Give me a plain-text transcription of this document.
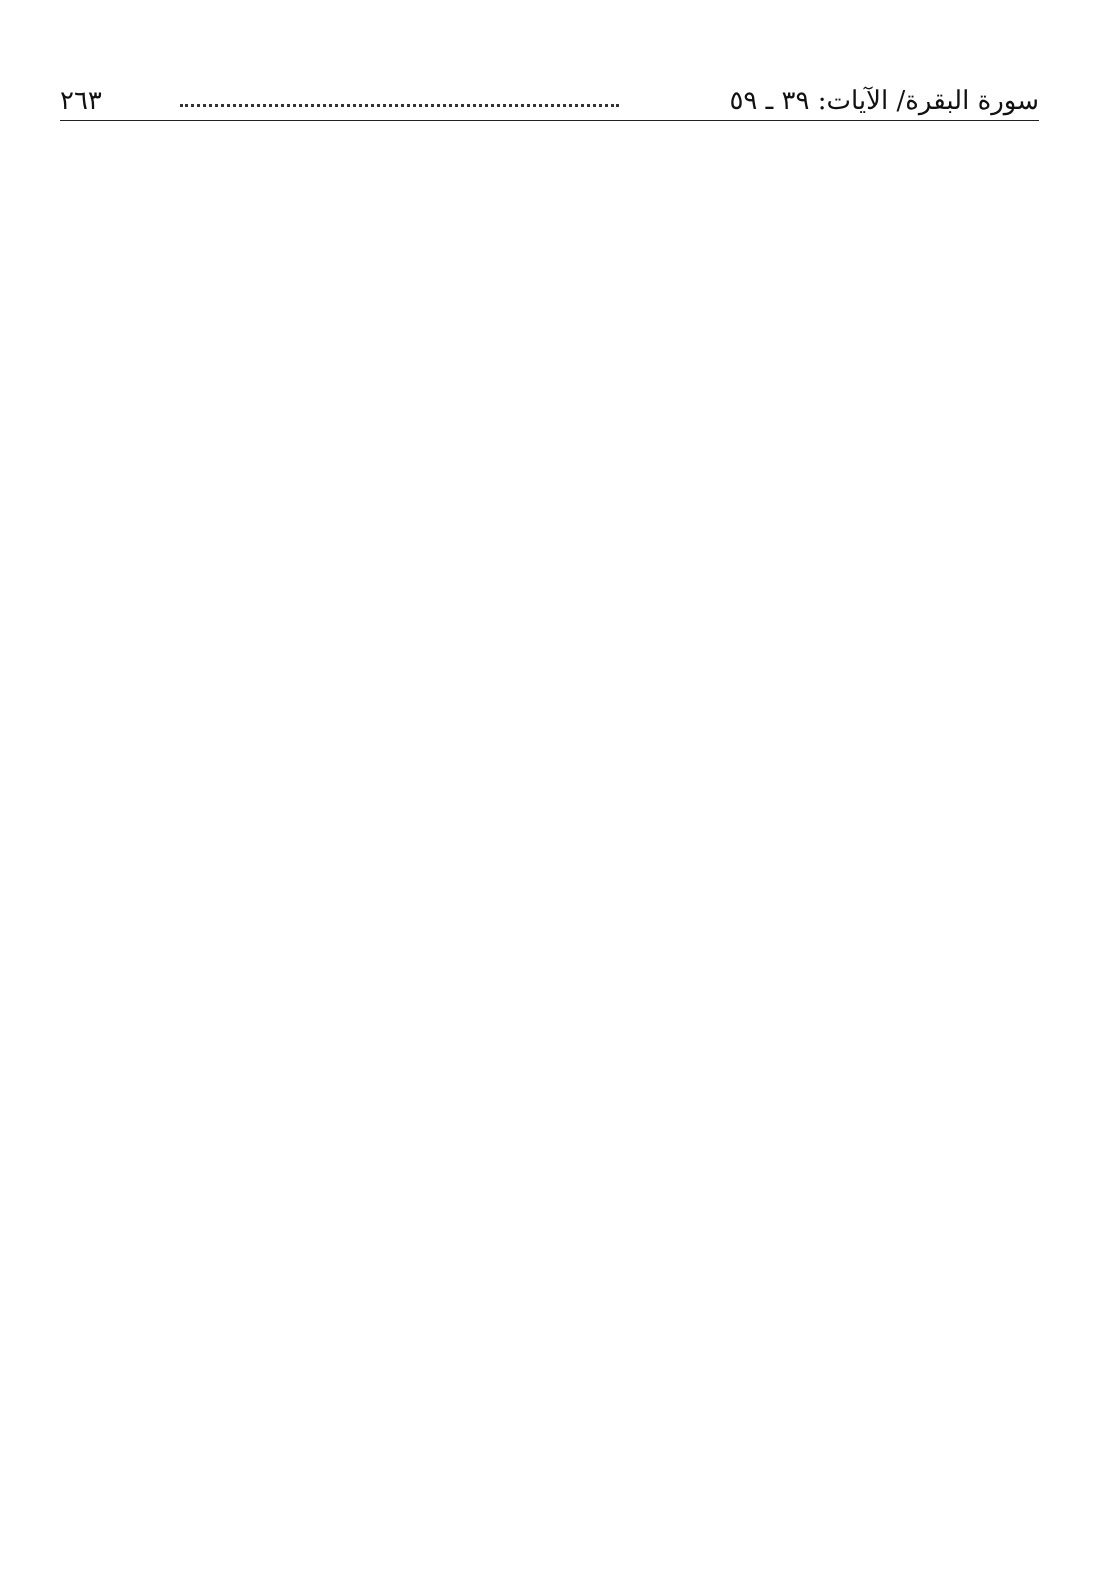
سورة البقرة/ الآيات: ٣٩ ـ ٥٩
٢٦٣
